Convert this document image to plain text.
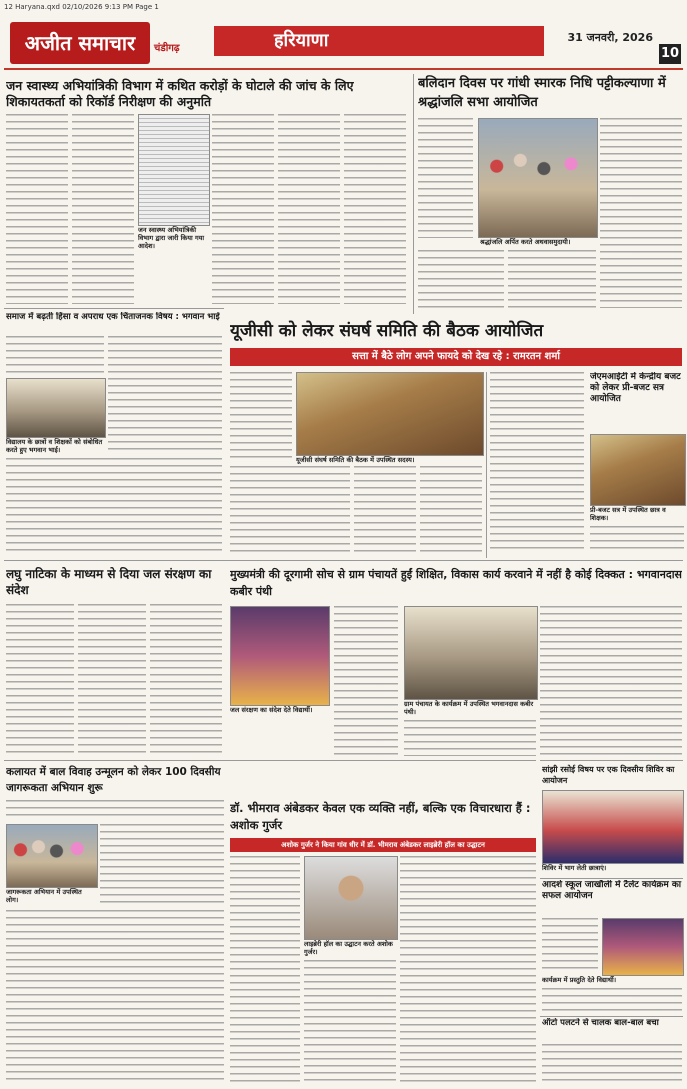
12 Haryana.qxd 02/10/2026 9:13 PM Page 1
अजीत समाचार	चंडीगढ़	हरियाणा	31 जनवरी, 2026
10
जन स्वास्थ्य अभियांत्रिकी विभाग में कथित करोड़ों के घोटाले की जांच के लिए शिकायतकर्ता को रिकॉर्ड निरीक्षण की अनुमति
जन स्वास्थ्य अभियांत्रिकी विभाग द्वारा जारी किया गया आदेश।
बलिदान दिवस पर गांधी स्मारक निधि पट्टीकल्याणा में श्रद्धांजलि सभा आयोजित
श्रद्धांजलि अर्पित करते अथवासमुदायी।
समाज में बढ़ती हिंसा व अपराध एक चिंताजनक विषय : भगवान भाई
विद्यालय के छात्रों व शिक्षकों को संबोधित करते हुए भगवान भाई।
यूजीसी को लेकर संघर्ष समिति की बैठक आयोजित
सत्ता में बैठे लोग अपने फायदे को देख रहे : रामरतन शर्मा
यूजीसी संघर्ष समिति की बैठक में उपस्थित सदस्य।
जेएमआईटी में केन्द्रीय बजट को लेकर प्री-बजट सत्र आयोजित
प्री-बजट सत्र में उपस्थित छात्र व शिक्षक।
लघु नाटिका के माध्यम से दिया जल संरक्षण का संदेश
मुख्यमंत्री की दूरगामी सोच से ग्राम पंचायतें हुईं शिक्षित, विकास कार्य करवाने में नहीं है कोई दिक्कत : भगवानदास कबीर पंथी
जल संरक्षण का संदेश देते विद्यार्थी।
ग्राम पंचायत के कार्यक्रम में उपस्थित भगवानदास कबीर पंथी।
सांझी रसोई विषय पर एक दिवसीय शिविर का आयोजन
शिविर में भाग लेती छात्राएं।
कलायत में बाल विवाह उन्मूलन को लेकर 100 दिवसीय जागरूकता अभियान शुरू
जागरूकता अभियान में उपस्थित लोग।
डॉ. भीमराव अंबेडकर केवल एक व्यक्ति नहीं, बल्कि एक विचारधारा हैं : अशोक गुर्जर
अशोक गुर्जर ने किया गांव धीर में डॉ. भीमराव अंबेडकर लाइब्रेरी हॉल का उद्घाटन
लाइब्रेरी हॉल का उद्घाटन करते अशोक गुर्जर।
आदर्श स्कूल जाखौली में टैलेंट कार्यक्रम का सफल आयोजन
कार्यक्रम में प्रस्तुति देते विद्यार्थी।
ऑटो पलटने से चालक बाल-बाल बचा
